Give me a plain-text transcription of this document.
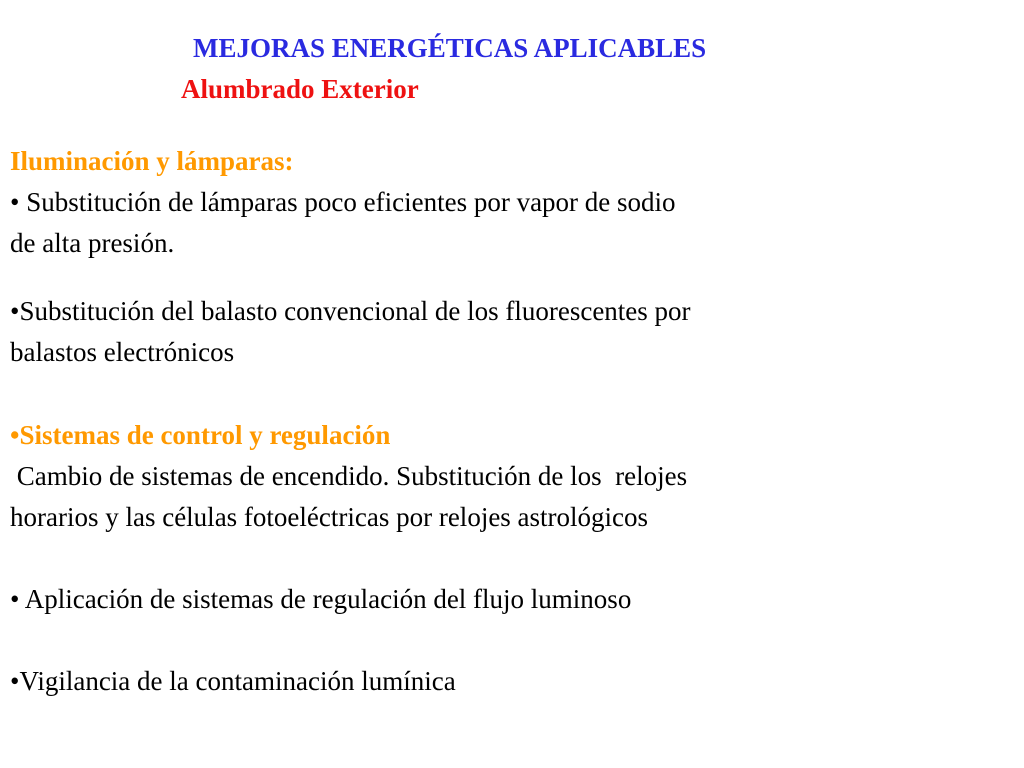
MEJORAS ENERGÉTICAS APLICABLES
Alumbrado Exterior
Iluminación y lámparas:
• Substitución de lámparas poco eficientes por vapor de sodio
de alta presión.
•Substitución del balasto convencional de los fluorescentes por
balastos electrónicos
•Sistemas de control y regulación
Cambio de sistemas de encendido. Substitución de los  relojes
horarios y las células fotoeléctricas por relojes astrológicos
• Aplicación de sistemas de regulación del flujo luminoso
•Vigilancia de la contaminación lumínica
